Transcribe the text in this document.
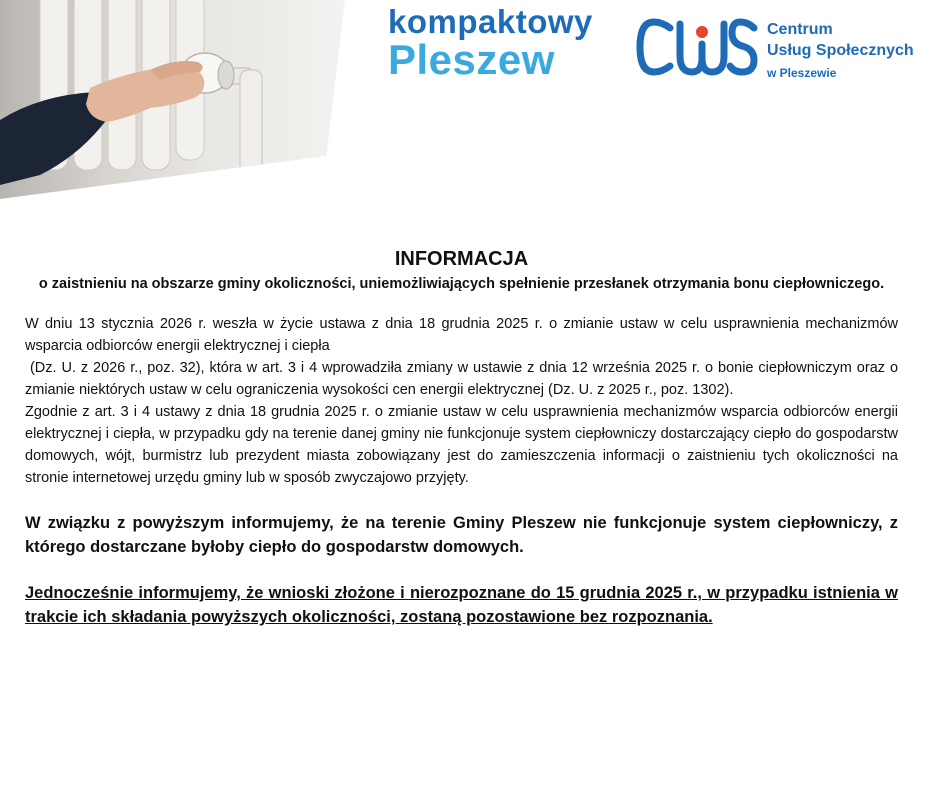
kompaktowy
Pleszew
Centrum
Usług Społecznych
w Pleszewie
INFORMACJA

o zaistnieniu na obszarze gminy okoliczności, uniemożliwiających spełnienie przesłanek otrzymania bonu ciepłowniczego.

W dniu 13 stycznia 2026 r. weszła w życie ustawa z dnia 18 grudnia 2025 r. o zmianie ustaw w celu usprawnienia mechanizmów wsparcia odbiorców energii elektrycznej i ciepła

(Dz. U. z 2026 r., poz. 32), która w art. 3 i 4 wprowadziła zmiany w ustawie z dnia 12 września 2025 r. o bonie ciepłowniczym oraz o zmianie niektórych ustaw w celu ograniczenia wysokości cen energii elektrycznej (Dz. U. z 2025 r., poz. 1302).

Zgodnie z art. 3 i 4 ustawy z dnia 18 grudnia 2025 r. o zmianie ustaw w celu usprawnienia mechanizmów wsparcia odbiorców energii elektrycznej i ciepła, w przypadku gdy na terenie danej gminy nie funkcjonuje system ciepłowniczy dostarczający ciepło do gospodarstw domowych, wójt, burmistrz lub prezydent miasta zobowiązany jest do zamieszczenia informacji o zaistnieniu tych okoliczności na stronie internetowej urzędu gminy lub w sposób zwyczajowo przyjęty.

W związku z powyższym informujemy, że na terenie Gminy Pleszew nie funkcjonuje system ciepłowniczy, z którego dostarczane byłoby ciepło do gospodarstw domowych.

Jednocześnie informujemy, że wnioski złożone i nierozpoznane do 15 grudnia 2025 r., w przypadku istnienia w trakcie ich składania powyższych okoliczności, zostaną pozostawione bez rozpoznania.
